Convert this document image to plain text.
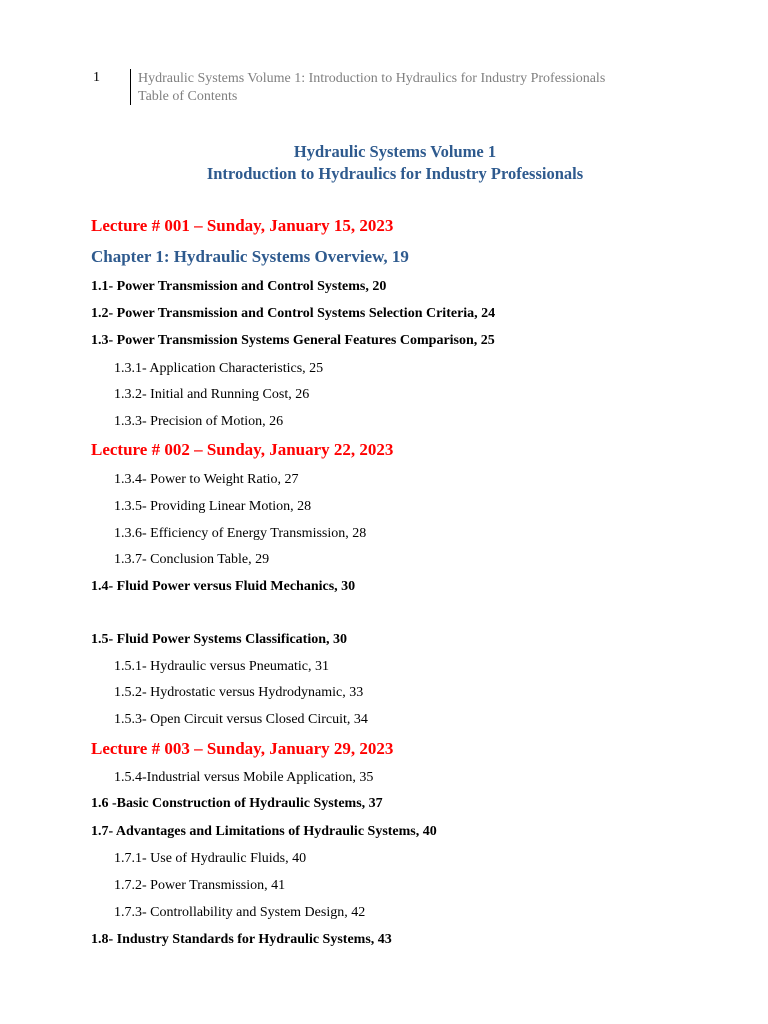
1	Hydraulic Systems Volume 1: Introduction to Hydraulics for Industry Professionals
Table of Contents
Hydraulic Systems Volume 1
Introduction to Hydraulics for Industry Professionals
Lecture # 001 – Sunday, January 15, 2023
Chapter 1: Hydraulic Systems Overview, 19
1.1- Power Transmission and Control Systems, 20
1.2- Power Transmission and Control Systems Selection Criteria, 24
1.3- Power Transmission Systems General Features Comparison, 25
1.3.1- Application Characteristics, 25
1.3.2- Initial and Running Cost, 26
1.3.3- Precision of Motion, 26
Lecture # 002 – Sunday, January 22, 2023
1.3.4- Power to Weight Ratio, 27
1.3.5- Providing Linear Motion, 28
1.3.6- Efficiency of Energy Transmission, 28
1.3.7- Conclusion Table, 29
1.4- Fluid Power versus Fluid Mechanics, 30
1.5- Fluid Power Systems Classification, 30
1.5.1- Hydraulic versus Pneumatic, 31
1.5.2- Hydrostatic versus Hydrodynamic, 33
1.5.3- Open Circuit versus Closed Circuit, 34
Lecture # 003 – Sunday, January 29, 2023
1.5.4-Industrial versus Mobile Application, 35
1.6 -Basic Construction of Hydraulic Systems, 37
1.7- Advantages and Limitations of Hydraulic Systems, 40
1.7.1- Use of Hydraulic Fluids, 40
1.7.2- Power Transmission, 41
1.7.3- Controllability and System Design, 42
1.8- Industry Standards for Hydraulic Systems, 43
